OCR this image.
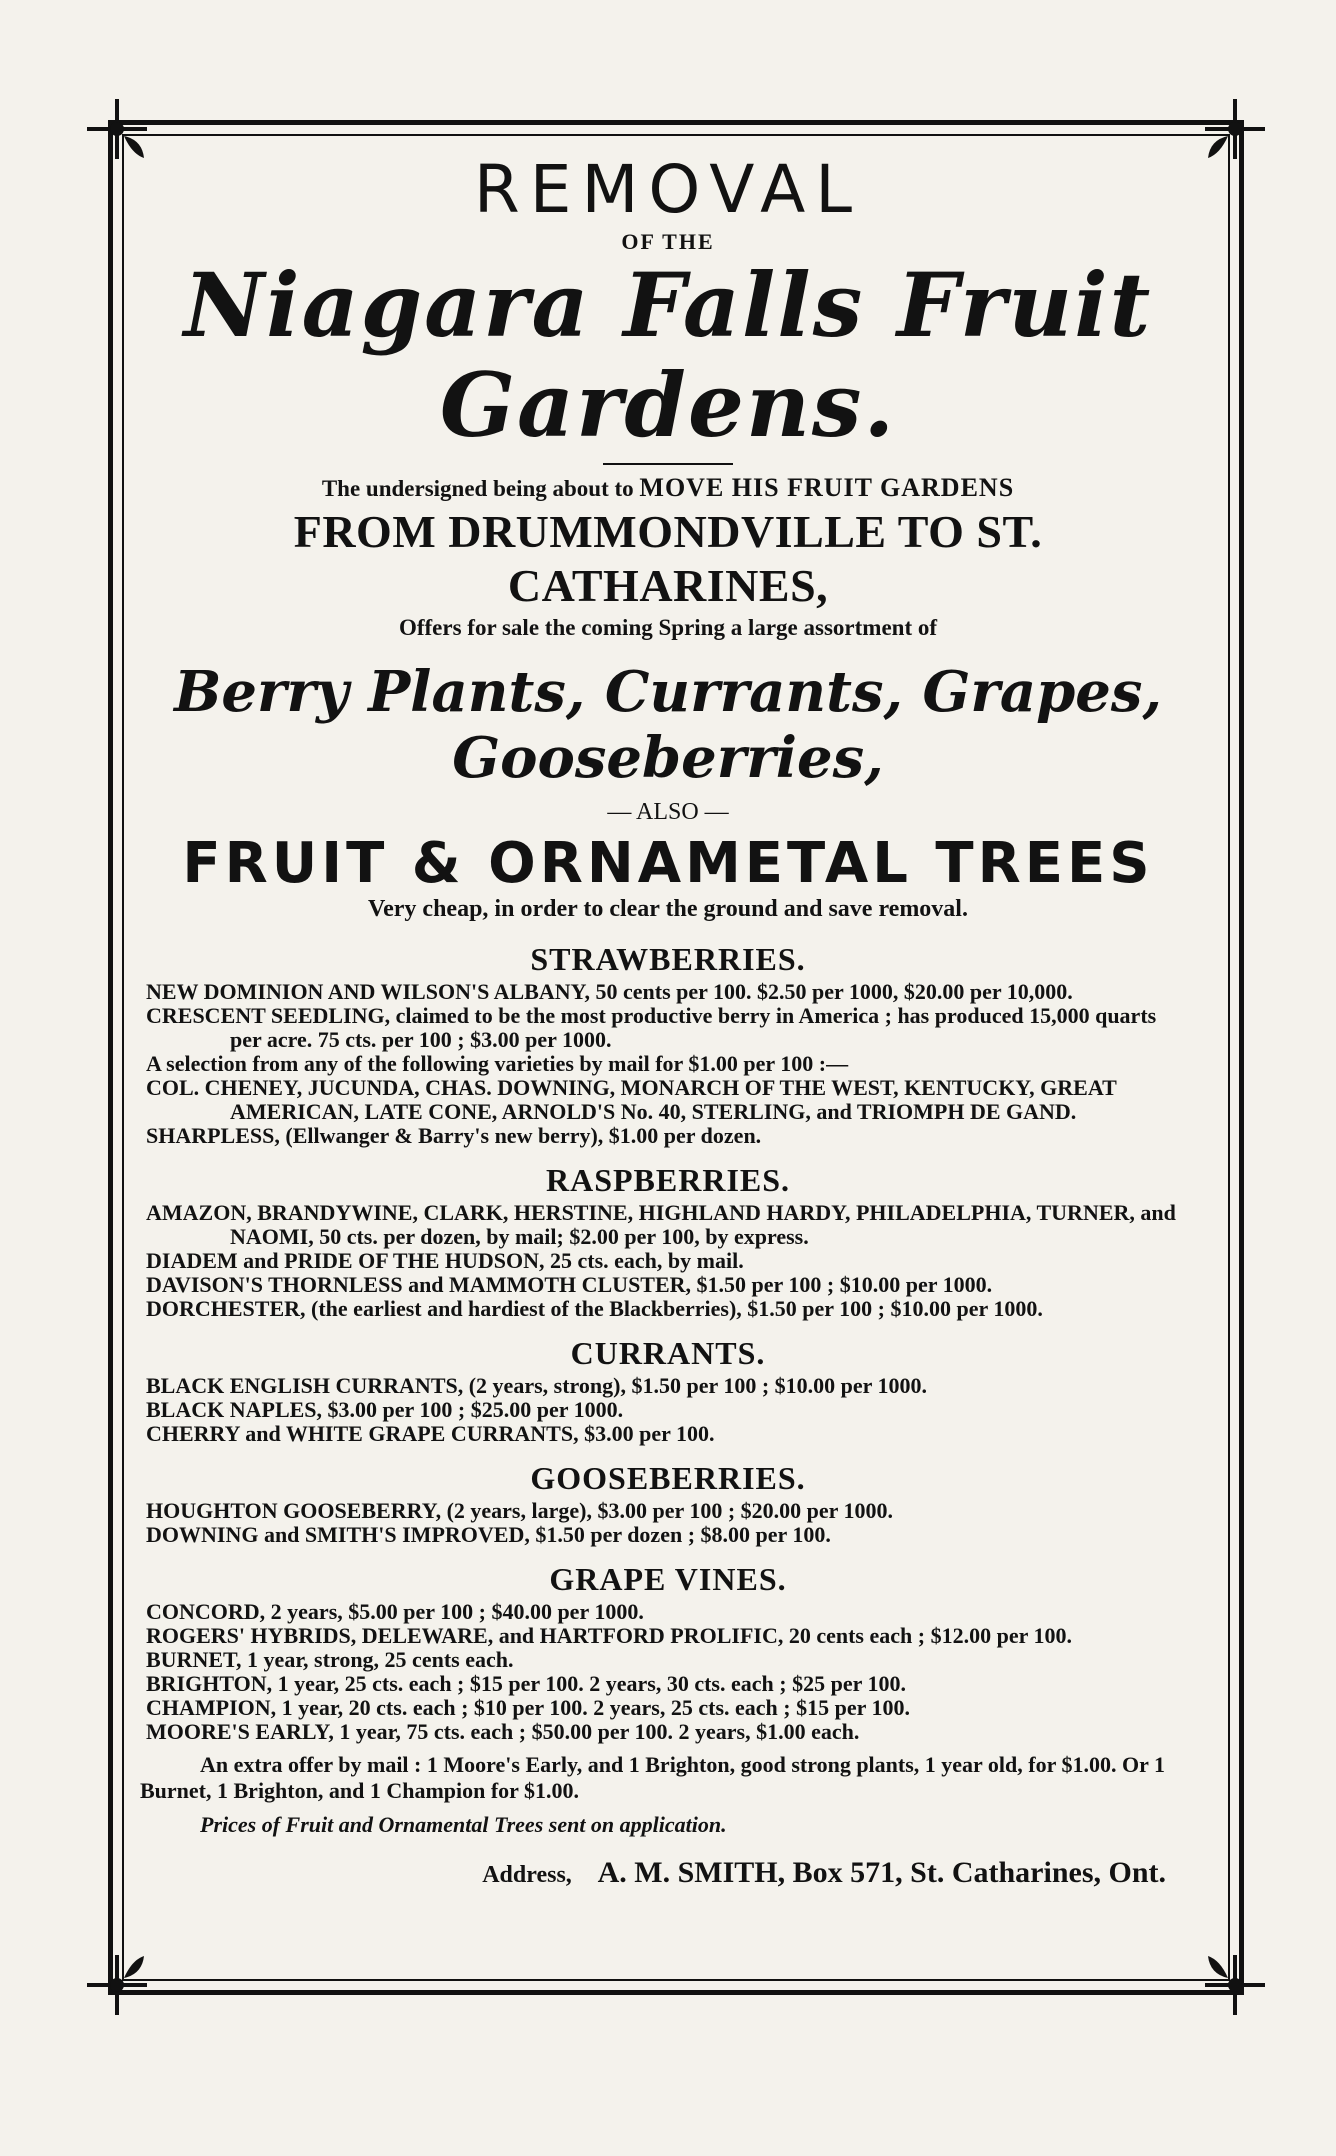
REMOVAL
OF THE
Niagara Falls Fruit Gardens.
The undersigned being about to MOVE HIS FRUIT GARDENS
FROM DRUMMONDVILLE TO ST. CATHARINES,
Offers for sale the coming Spring a large assortment of
Berry Plants, Currants, Grapes, Gooseberries,
— ALSO —
FRUIT & ORNAMETAL TREES
Very cheap, in order to clear the ground and save removal.
STRAWBERRIES.

NEW DOMINION AND WILSON'S ALBANY, 50 cents per 100. $2.50 per 1000, $20.00 per 10,000.

CRESCENT SEEDLING, claimed to be the most productive berry in America ; has produced 15,000 quarts per acre. 75 cts. per 100 ; $3.00 per 1000.

A selection from any of the following varieties by mail for $1.00 per 100 :—

COL. CHENEY, JUCUNDA, CHAS. DOWNING, MONARCH OF THE WEST, KENTUCKY, GREAT AMERICAN, LATE CONE, ARNOLD'S No. 40, STERLING, and TRIOMPH DE GAND.

SHARPLESS, (Ellwanger & Barry's new berry), $1.00 per dozen.

RASPBERRIES.

AMAZON, BRANDYWINE, CLARK, HERSTINE, HIGHLAND HARDY, PHILADELPHIA, TURNER, and NAOMI, 50 cts. per dozen, by mail; $2.00 per 100, by express.

DIADEM and PRIDE OF THE HUDSON, 25 cts. each, by mail.

DAVISON'S THORNLESS and MAMMOTH CLUSTER, $1.50 per 100 ; $10.00 per 1000.

DORCHESTER, (the earliest and hardiest of the Blackberries), $1.50 per 100 ; $10.00 per 1000.

CURRANTS.

BLACK ENGLISH CURRANTS, (2 years, strong), $1.50 per 100 ; $10.00 per 1000.

BLACK NAPLES, $3.00 per 100 ; $25.00 per 1000.

CHERRY and WHITE GRAPE CURRANTS, $3.00 per 100.

GOOSEBERRIES.

HOUGHTON GOOSEBERRY, (2 years, large), $3.00 per 100 ; $20.00 per 1000.

DOWNING and SMITH'S IMPROVED, $1.50 per dozen ; $8.00 per 100.

GRAPE VINES.

CONCORD, 2 years, $5.00 per 100 ; $40.00 per 1000.

ROGERS' HYBRIDS, DELEWARE, and HARTFORD PROLIFIC, 20 cents each ; $12.00 per 100.

BURNET, 1 year, strong, 25 cents each.

BRIGHTON, 1 year, 25 cts. each ; $15 per 100. 2 years, 30 cts. each ; $25 per 100.

CHAMPION, 1 year, 20 cts. each ; $10 per 100. 2 years, 25 cts. each ; $15 per 100.

MOORE'S EARLY, 1 year, 75 cts. each ; $50.00 per 100. 2 years, $1.00 each.

An extra offer by mail : 1 Moore's Early, and 1 Brighton, good strong plants, 1 year old, for $1.00. Or 1 Burnet, 1 Brighton, and 1 Champion for $1.00.

Prices of Fruit and Ornamental Trees sent on application.

Address, A. M. SMITH, Box 571, St. Catharines, Ont.
